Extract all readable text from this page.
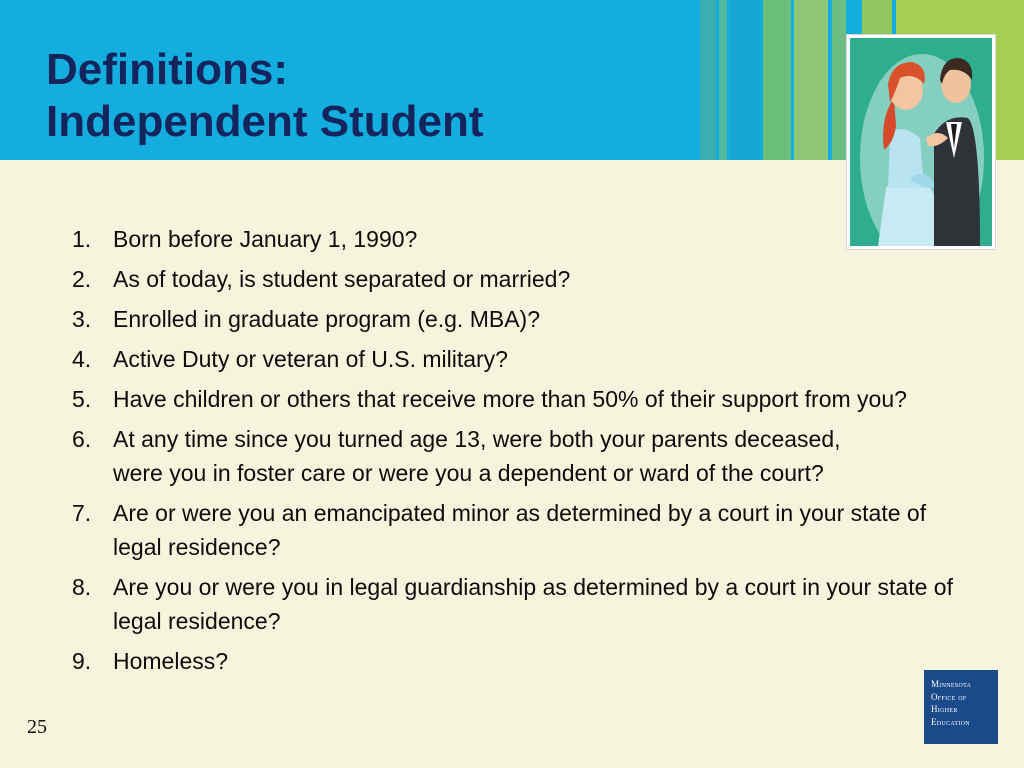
Definitions:
Independent Student
1. Born before January 1, 1990?
2. As of today, is student separated or married?
3. Enrolled in graduate program (e.g. MBA)?
4. Active Duty or veteran of U.S. military?
5. Have children or others that receive more than 50% of their support from you?
6. At any time since you turned age 13, were both your parents deceased, were you in foster care or were you a dependent or ward of the court?
7. Are or were you an emancipated minor as determined by a court in your state of legal residence?
8. Are you or were you in legal guardianship as determined by a court in your state of legal residence?
9. Homeless?
25
Minnesota
Office of
Higher
Education
